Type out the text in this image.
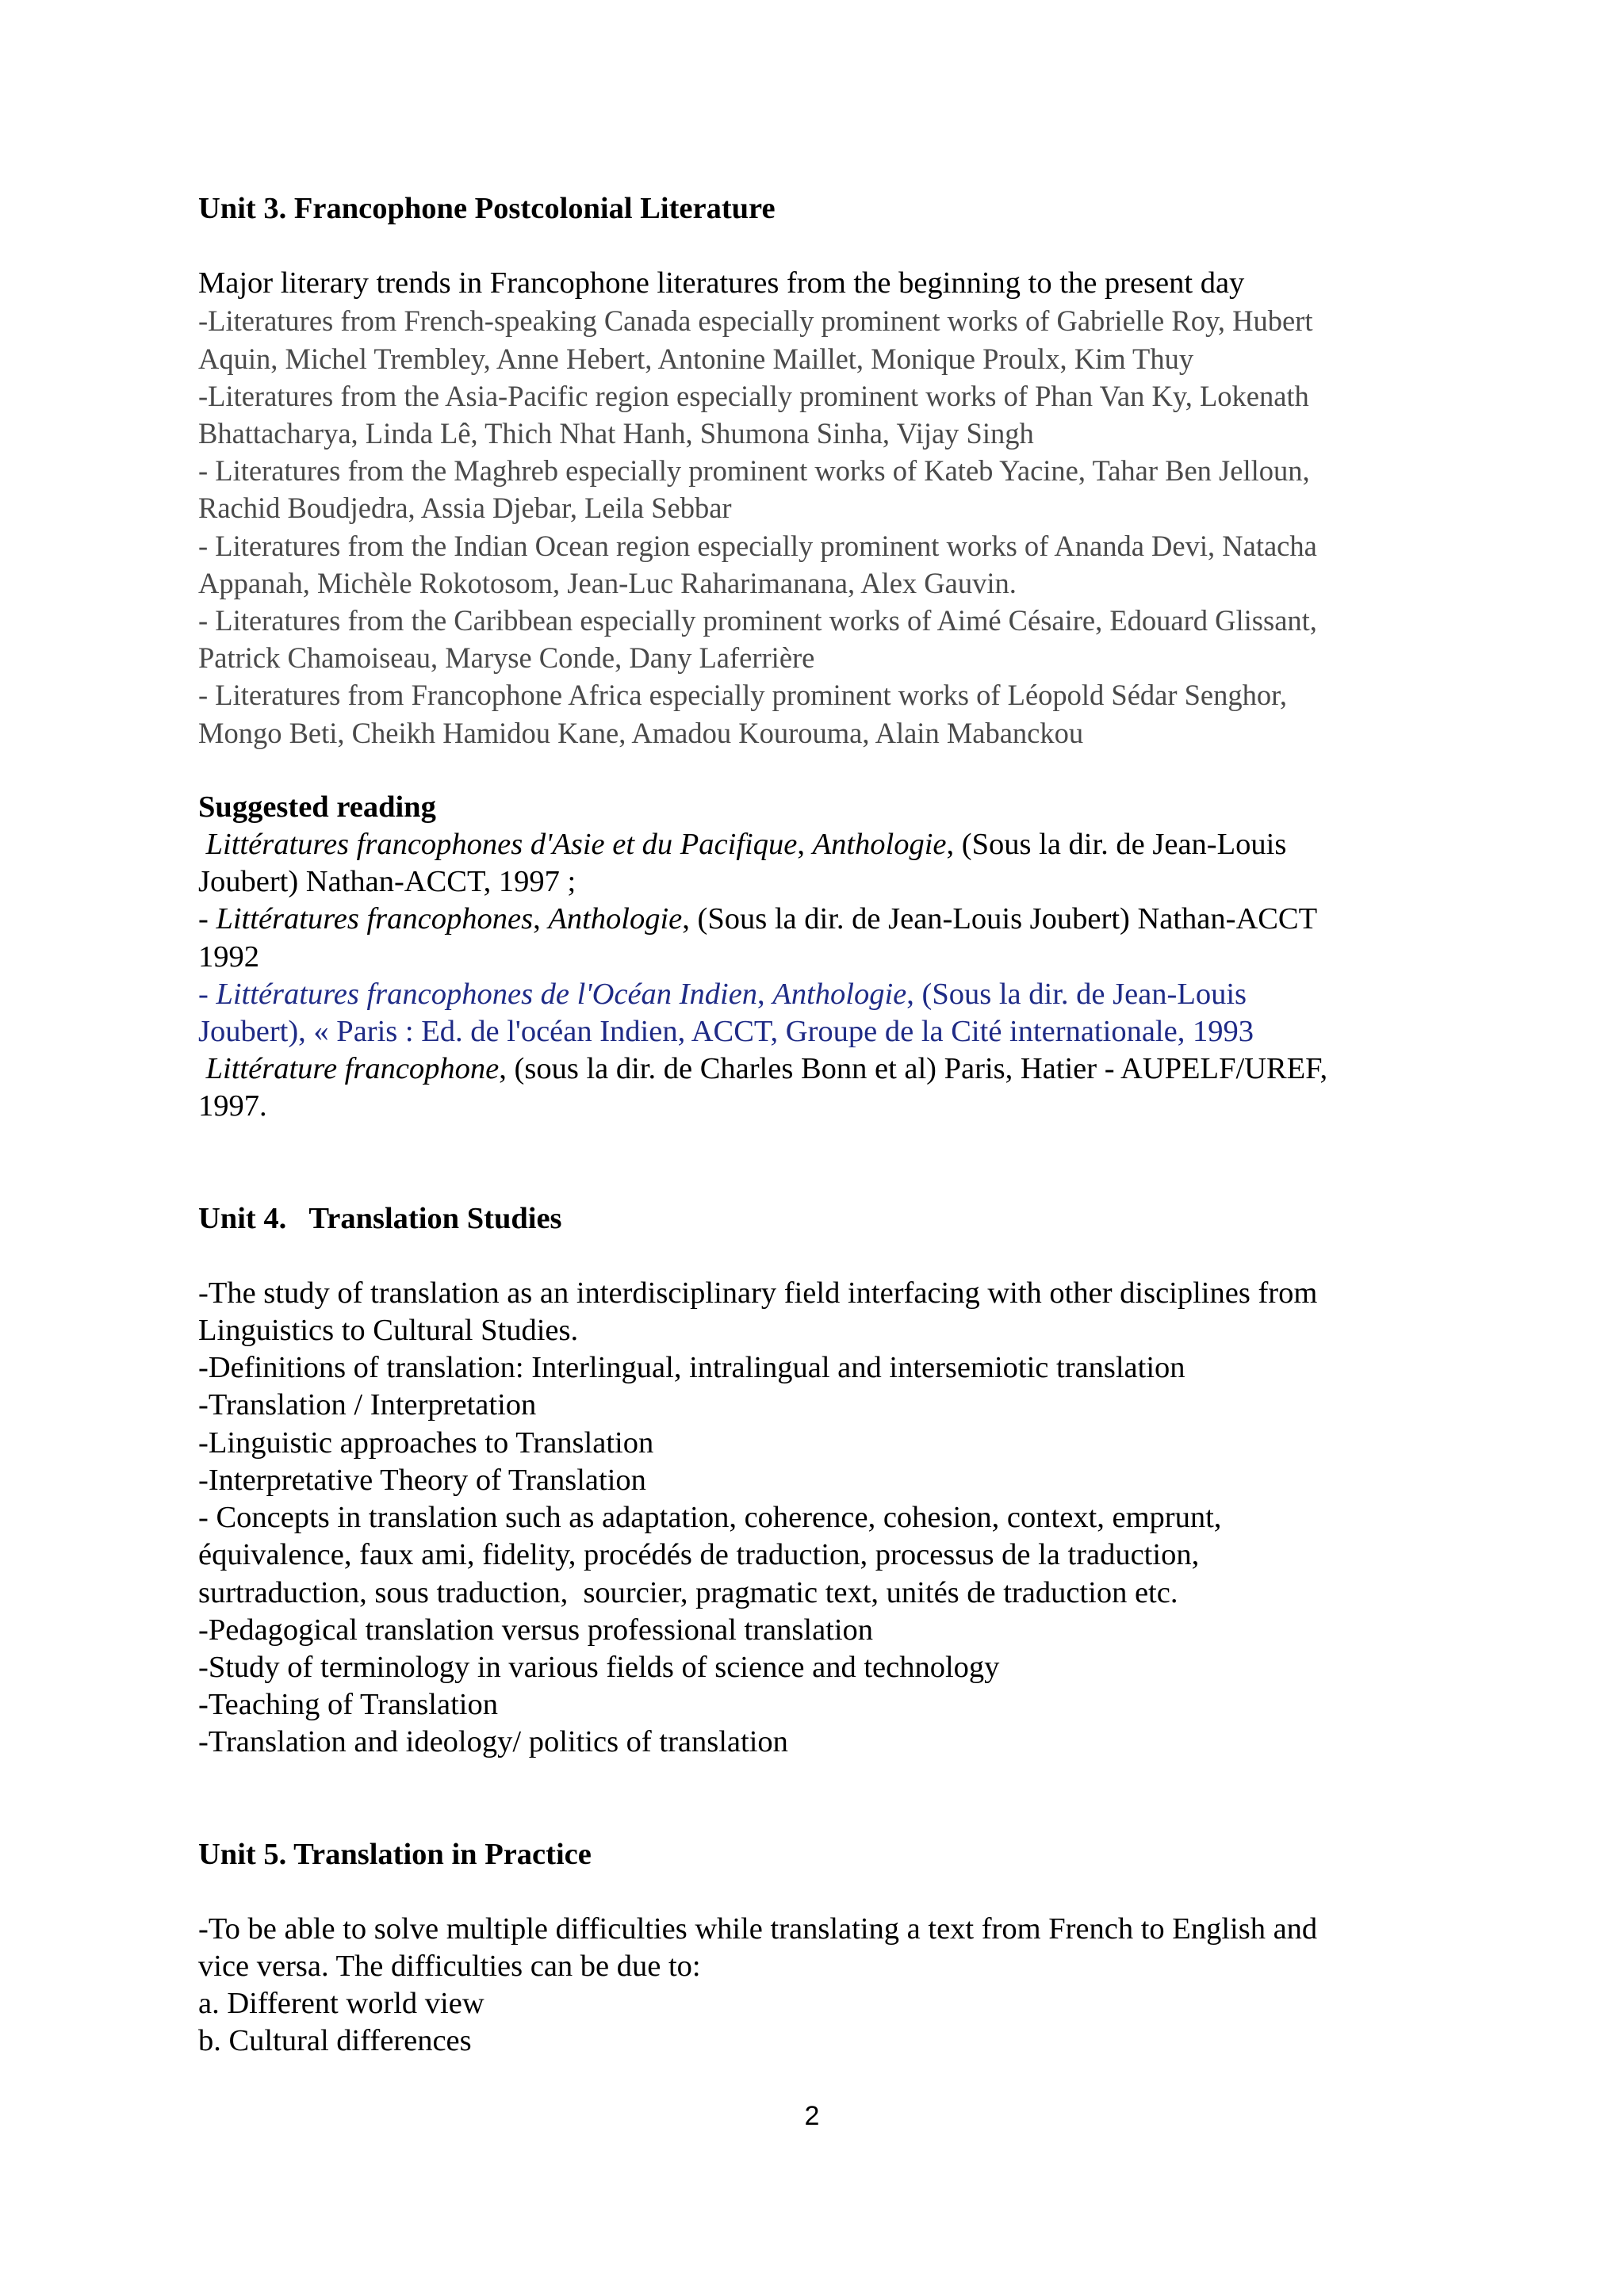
Unit 3. Francophone Postcolonial Literature

Major literary trends in Francophone literatures from the beginning to the present day

-Literatures from French-speaking Canada especially prominent works of Gabrielle Roy, Hubert

Aquin, Michel Trembley, Anne Hebert, Antonine Maillet, Monique Proulx, Kim Thuy

-Literatures from the Asia-Pacific region especially prominent works of Phan Van Ky, Lokenath

Bhattacharya, Linda Lê, Thich Nhat Hanh, Shumona Sinha, Vijay Singh

- Literatures from the Maghreb especially prominent works of Kateb Yacine, Tahar Ben Jelloun,

Rachid Boudjedra, Assia Djebar, Leila Sebbar

- Literatures from the Indian Ocean region especially prominent works of Ananda Devi, Natacha

Appanah, Michèle Rokotosom, Jean-Luc Raharimanana, Alex Gauvin.

- Literatures from the Caribbean especially prominent works of Aimé Césaire, Edouard Glissant,

Patrick Chamoiseau, Maryse Conde, Dany Laferrière

- Literatures from Francophone Africa especially prominent works of Léopold Sédar Senghor,

Mongo Beti, Cheikh Hamidou Kane, Amadou Kourouma, Alain Mabanckou

Suggested reading

Littératures francophones d'Asie et du Pacifique, Anthologie, (Sous la dir. de Jean-Louis

Joubert) Nathan-ACCT, 1997 ;

- Littératures francophones, Anthologie, (Sous la dir. de Jean-Louis Joubert) Nathan-ACCT

1992

- Littératures francophones de l'Océan Indien, Anthologie, (Sous la dir. de Jean-Louis

Joubert), « Paris : Ed. de l'océan Indien, ACCT, Groupe de la Cité internationale, 1993

Littérature francophone, (sous la dir. de Charles Bonn et al) Paris, Hatier - AUPELF/UREF,

1997.

Unit 4.   Translation Studies

-The study of translation as an interdisciplinary field interfacing with other disciplines from

Linguistics to Cultural Studies.

-Definitions of translation: Interlingual, intralingual and intersemiotic translation

-Translation / Interpretation

-Linguistic approaches to Translation

-Interpretative Theory of Translation

- Concepts in translation such as adaptation, coherence, cohesion, context, emprunt,

équivalence, faux ami, fidelity, procédés de traduction, processus de la traduction,

surtraduction, sous traduction,  sourcier, pragmatic text, unités de traduction etc.

-Pedagogical translation versus professional translation

-Study of terminology in various fields of science and technology

-Teaching of Translation

-Translation and ideology/ politics of translation

Unit 5. Translation in Practice

-To be able to solve multiple difficulties while translating a text from French to English and

vice versa. The difficulties can be due to:

a. Different world view

b. Cultural differences

2
